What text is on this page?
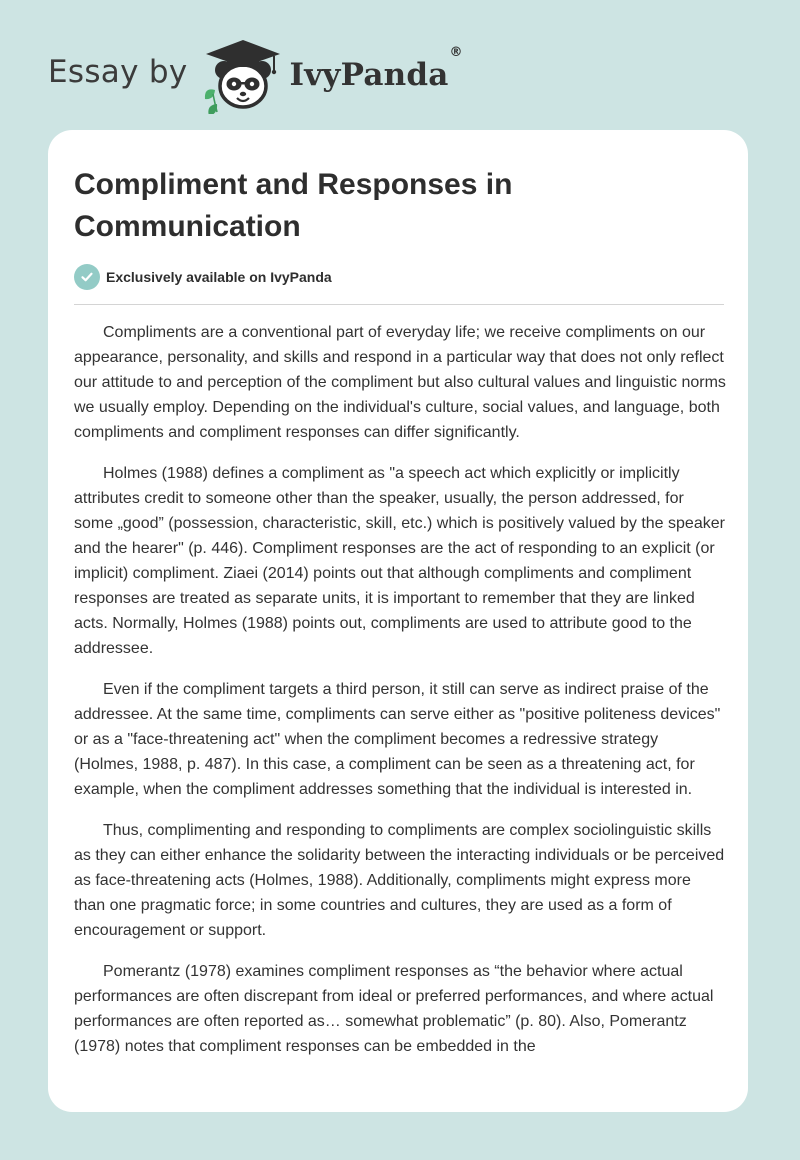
Essay by	IvyPanda®
Compliment and Responses in Communication
Exclusively available on IvyPanda

Compliments are a conventional part of everyday life; we receive compliments on our appearance, personality, and skills and respond in a particular way that does not only reflect our attitude to and perception of the compliment but also cultural values and linguistic norms we usually employ. Depending on the individual's culture, social values, and language, both compliments and compliment responses can differ significantly.

Holmes (1988) defines a compliment as "a speech act which explicitly or implicitly attributes credit to someone other than the speaker, usually, the person addressed, for some „good” (possession, characteristic, skill, etc.) which is positively valued by the speaker and the hearer" (p. 446). Compliment responses are the act of responding to an explicit (or implicit) compliment. Ziaei (2014) points out that although compliments and compliment responses are treated as separate units, it is important to remember that they are linked acts. Normally, Holmes (1988) points out, compliments are used to attribute good to the addressee.

Even if the compliment targets a third person, it still can serve as indirect praise of the addressee. At the same time, compliments can serve either as "positive politeness devices" or as a "face-threatening act" when the compliment becomes a redressive strategy (Holmes, 1988, p. 487). In this case, a compliment can be seen as a threatening act, for example, when the compliment addresses something that the individual is interested in.

Thus, complimenting and responding to compliments are complex sociolinguistic skills as they can either enhance the solidarity between the interacting individuals or be perceived as face-threatening acts (Holmes, 1988). Additionally, compliments might express more than one pragmatic force; in some countries and cultures, they are used as a form of encouragement or support.

Pomerantz (1978) examines compliment responses as “the behavior where actual performances are often discrepant from ideal or preferred performances, and where actual performances are often reported as… somewhat problematic” (p. 80). Also, Pomerantz (1978) notes that compliment responses can be embedded in the
